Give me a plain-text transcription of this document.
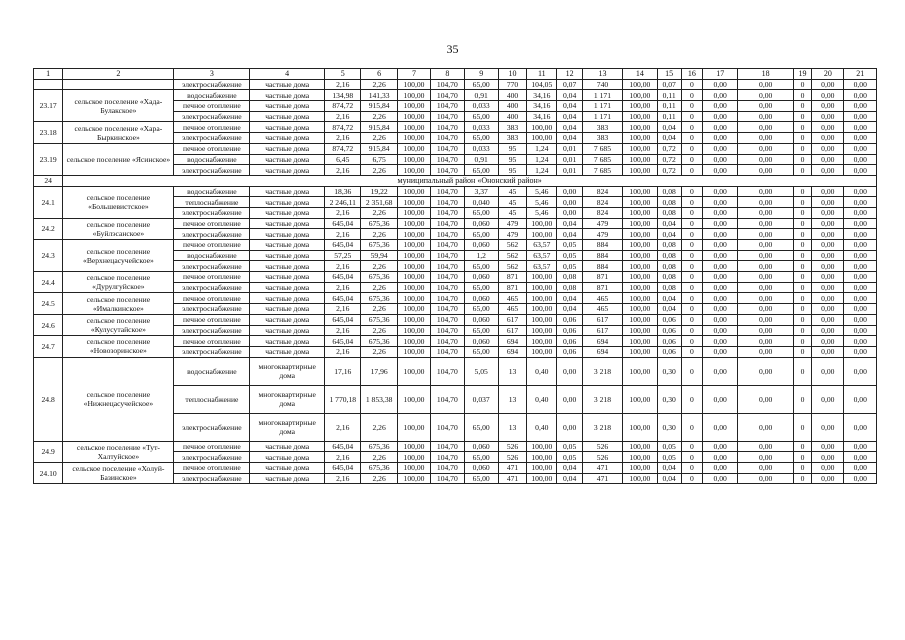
35
1	2	3	4	5	6	7	8	9	10	11	12	13	14	15	16	17	18	19	20	21
		электроснабжение	частные дома	2,16	2,26	100,00	104,70	65,00	770	104,05	0,07	740	100,00	0,07	0	0,00	0,00	0	0,00	0,00
23.17	сельское поселение «Хада-Булакское»	водоснабжение	частные дома	134,98	141,33	100,00	104,70	0,91	400	34,16	0,04	1 171	100,00	0,11	0	0,00	0,00	0	0,00	0,00
		печное отопление	частные дома	874,72	915,84	100,00	104,70	0,033	400	34,16	0,04	1 171	100,00	0,11	0	0,00	0,00	0	0,00	0,00
		электроснабжение	частные дома	2,16	2,26	100,00	104,70	65,00	400	34,16	0,04	1 171	100,00	0,11	0	0,00	0,00	0	0,00	0,00
23.18	сельское поселение «Хара-Быркинское»	печное отопление	частные дома	874,72	915,84	100,00	104,70	0,033	383	100,00	0,04	383	100,00	0,04	0	0,00	0,00	0	0,00	0,00
		электроснабжение	частные дома	2,16	2,26	100,00	104,70	65,00	383	100,00	0,04	383	100,00	0,04	0	0,00	0,00	0	0,00	0,00
23.19	сельское поселение «Ясинское»	печное отопление	частные дома	874,72	915,84	100,00	104,70	0,033	95	1,24	0,01	7 685	100,00	0,72	0	0,00	0,00	0	0,00	0,00
		водоснабжение	частные дома	6,45	6,75	100,00	104,70	0,91	95	1,24	0,01	7 685	100,00	0,72	0	0,00	0,00	0	0,00	0,00
		электроснабжение	частные дома	2,16	2,26	100,00	104,70	65,00	95	1,24	0,01	7 685	100,00	0,72	0	0,00	0,00	0	0,00	0,00
24	муниципальный район «Ононский район»																			
24.1	сельское поселение «Большевистское»	водоснабжение	частные дома	18,36	19,22	100,00	104,70	3,37	45	5,46	0,00	824	100,00	0,08	0	0,00	0,00	0	0,00	0,00
		теплоснабжение	частные дома	2 246,11	2 351,68	100,00	104,70	0,040	45	5,46	0,00	824	100,00	0,08	0	0,00	0,00	0	0,00	0,00
		электроснабжение	частные дома	2,16	2,26	100,00	104,70	65,00	45	5,46	0,00	824	100,00	0,08	0	0,00	0,00	0	0,00	0,00
24.2	сельское поселение «Буйлэсанское»	печное отопление	частные дома	645,04	675,36	100,00	104,70	0,060	479	100,00	0,04	479	100,00	0,04	0	0,00	0,00	0	0,00	0,00
		электроснабжение	частные дома	2,16	2,26	100,00	104,70	65,00	479	100,00	0,04	479	100,00	0,04	0	0,00	0,00	0	0,00	0,00
24.3	сельское поселение «Верхнецасучейское»	печное отопление	частные дома	645,04	675,36	100,00	104,70	0,060	562	63,57	0,05	884	100,00	0,08	0	0,00	0,00	0	0,00	0,00
		водоснабжение	частные дома	57,25	59,94	100,00	104,70	1,2	562	63,57	0,05	884	100,00	0,08	0	0,00	0,00	0	0,00	0,00
		электроснабжение	частные дома	2,16	2,26	100,00	104,70	65,00	562	63,57	0,05	884	100,00	0,08	0	0,00	0,00	0	0,00	0,00
24.4	сельское поселение «Дурулгуйское»	печное отопление	частные дома	645,04	675,36	100,00	104,70	0,060	871	100,00	0,08	871	100,00	0,08	0	0,00	0,00	0	0,00	0,00
		электроснабжение	частные дома	2,16	2,26	100,00	104,70	65,00	871	100,00	0,08	871	100,00	0,08	0	0,00	0,00	0	0,00	0,00
24.5	сельское поселение «Ималкинское»	печное отопление	частные дома	645,04	675,36	100,00	104,70	0,060	465	100,00	0,04	465	100,00	0,04	0	0,00	0,00	0	0,00	0,00
		электроснабжение	частные дома	2,16	2,26	100,00	104,70	65,00	465	100,00	0,04	465	100,00	0,04	0	0,00	0,00	0	0,00	0,00
24.6	сельское поселение «Кулусутайское»	печное отопление	частные дома	645,04	675,36	100,00	104,70	0,060	617	100,00	0,06	617	100,00	0,06	0	0,00	0,00	0	0,00	0,00
		электроснабжение	частные дома	2,16	2,26	100,00	104,70	65,00	617	100,00	0,06	617	100,00	0,06	0	0,00	0,00	0	0,00	0,00
24.7	сельское поселение «Новозоринское»	печное отопление	частные дома	645,04	675,36	100,00	104,70	0,060	694	100,00	0,06	694	100,00	0,06	0	0,00	0,00	0	0,00	0,00
		электроснабжение	частные дома	2,16	2,26	100,00	104,70	65,00	694	100,00	0,06	694	100,00	0,06	0	0,00	0,00	0	0,00	0,00
24.8	сельское поселение «Нижнецасучейское»	водоснабжение	многоквартирные дома	17,16	17,96	100,00	104,70	5,05	13	0,40	0,00	3 218	100,00	0,30	0	0,00	0,00	0	0,00	0,00
		теплоснабжение	многоквартирные дома	1 770,18	1 853,38	100,00	104,70	0,037	13	0,40	0,00	3 218	100,00	0,30	0	0,00	0,00	0	0,00	0,00
		электроснабжение	многоквартирные дома	2,16	2,26	100,00	104,70	65,00	13	0,40	0,00	3 218	100,00	0,30	0	0,00	0,00	0	0,00	0,00
24.9	сельское поселение «Тут-Халтуйское»	печное отопление	частные дома	645,04	675,36	100,00	104,70	0,060	526	100,00	0,05	526	100,00	0,05	0	0,00	0,00	0	0,00	0,00
		электроснабжение	частные дома	2,16	2,26	100,00	104,70	65,00	526	100,00	0,05	526	100,00	0,05	0	0,00	0,00	0	0,00	0,00
24.10	сельское поселение «Холуй-Базинское»	печное отопление	частные дома	645,04	675,36	100,00	104,70	0,060	471	100,00	0,04	471	100,00	0,04	0	0,00	0,00	0	0,00	0,00
		электроснабжение	частные дома	2,16	2,26	100,00	104,70	65,00	471	100,00	0,04	471	100,00	0,04	0	0,00	0,00	0	0,00	0,00
